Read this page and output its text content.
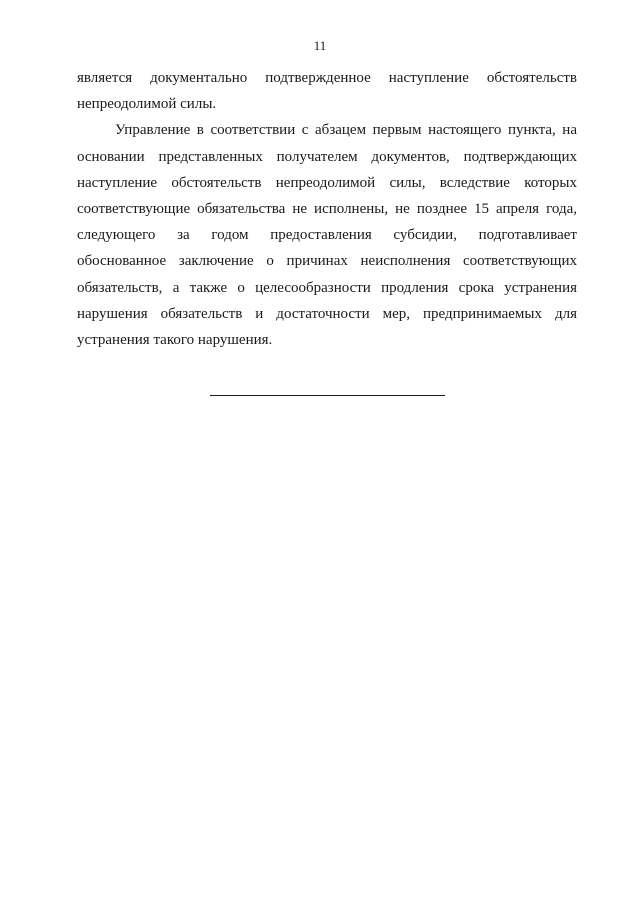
11
является документально подтвержденное наступление обстоятельств
непреодолимой силы.
Управление в соответствии с абзацем первым настоящего пункта, на
основании представленных получателем документов, подтверждающих
наступление обстоятельств непреодолимой силы, вследствие которых
соответствующие обязательства не исполнены, не позднее 15 апреля года,
следующего за годом предоставления субсидии, подготавливает
обоснованное заключение о причинах неисполнения соответствующих
обязательств, а также о целесообразности продления срока устранения
нарушения обязательств и достаточности мер, предпринимаемых для
устранения такого нарушения.
